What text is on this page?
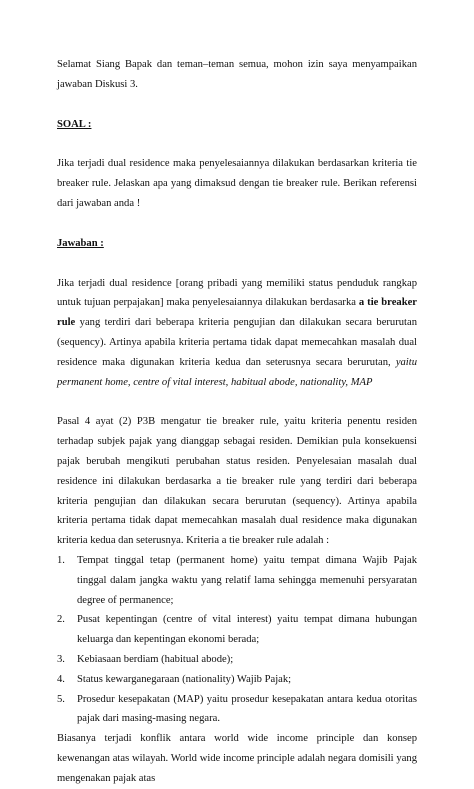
Selamat Siang Bapak dan teman–teman semua, mohon izin saya menyampaikan jawaban Diskusi 3.

SOAL :

Jika terjadi dual residence maka penyelesaiannya dilakukan berdasarkan kriteria tie breaker rule. Jelaskan apa yang dimaksud dengan tie breaker rule. Berikan referensi dari jawaban anda !

Jawaban :

Jika terjadi dual residence [orang pribadi yang memiliki status penduduk rangkap untuk tujuan perpajakan] maka penyelesaiannya dilakukan berdasarka a tie breaker rule yang terdiri dari beberapa kriteria pengujian dan dilakukan secara berurutan (sequency). Artinya apabila kriteria pertama tidak dapat memecahkan masalah dual residence maka digunakan kriteria kedua dan seterusnya secara berurutan, yaitu permanent home, centre of vital interest, habitual abode, nationality, MAP

Pasal 4 ayat (2) P3B mengatur tie breaker rule, yaitu kriteria penentu residen terhadap subjek pajak yang dianggap sebagai residen. Demikian pula konsekuensi pajak berubah mengikuti perubahan status residen. Penyelesaian masalah dual residence ini dilakukan berdasarka a tie breaker rule yang terdiri dari beberapa kriteria pengujian dan dilakukan secara berurutan (sequency). Artinya apabila kriteria pertama tidak dapat memecahkan masalah dual residence maka digunakan kriteria kedua dan seterusnya. Kriteria a tie breaker rule adalah :

1. Tempat tinggal tetap (permanent home) yaitu tempat dimana Wajib Pajak tinggal dalam jangka waktu yang relatif lama sehingga memenuhi persyaratan degree of permanence;
2. Pusat kepentingan (centre of vital interest) yaitu tempat dimana hubungan keluarga dan kepentingan ekonomi berada;
3. Kebiasaan berdiam (habitual abode);
4. Status kewarganegaraan (nationality) Wajib Pajak;
5. Prosedur kesepakatan (MAP) yaitu prosedur kesepakatan antara kedua otoritas pajak dari masing-masing negara.

Biasanya terjadi konflik antara world wide income principle dan konsep kewenangan atas wilayah. World wide income principle adalah negara domisili yang mengenakan pajak atas
